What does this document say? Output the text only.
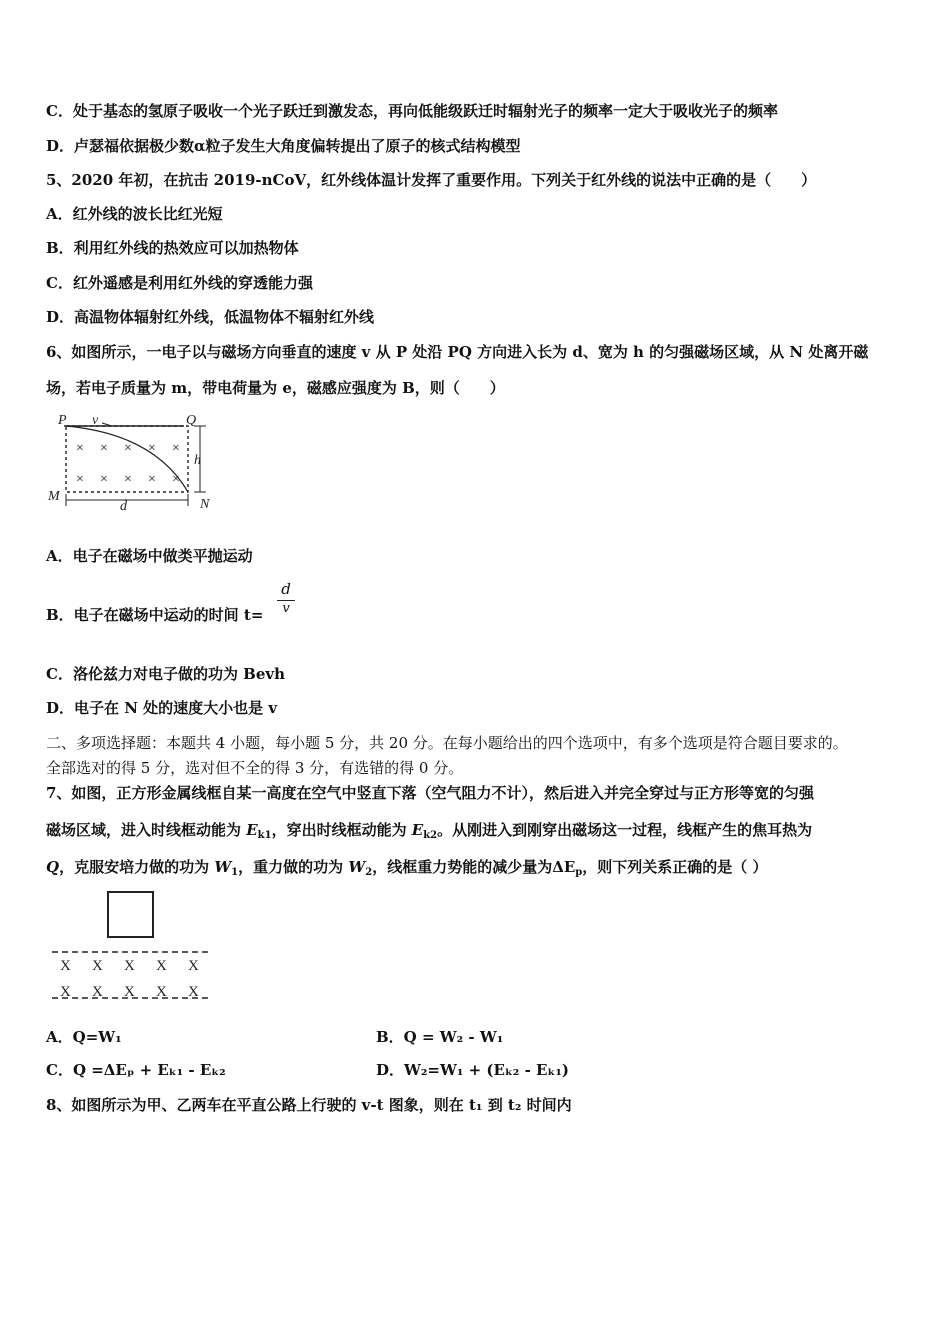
C．处于基态的氢原子吸收一个光子跃迁到激发态，再向低能级跃迁时辐射光子的频率一定大于吸收光子的频率
D．卢瑟福依据极少数α粒子发生大角度偏转提出了原子的核式结构模型
5、2020 年初，在抗击 2019-nCoV，红外线体温计发挥了重要作用。下列关于红外线的说法中正确的是（　　）
A．红外线的波长比红光短
B．利用红外线的热效应可以加热物体
C．红外遥感是利用红外线的穿透能力强
D．高温物体辐射红外线，低温物体不辐射红外线
6、如图所示，一电子以与磁场方向垂直的速度 v 从 P 处沿 PQ 方向进入长为 d、宽为 h 的匀强磁场区域，从 N 处离开磁
场，若电子质量为 m，带电荷量为 e，磁感应强度为 B，则（　　）
× × × × ×
× × × × ×
P v	Q
h
M
N
d
A．电子在磁场中做类平抛运动
B．电子在磁场中运动的时间 t=
d
v
C．洛伦兹力对电子做的功为 Bevh
D．电子在 N 处的速度大小也是 v
二、多项选择题：本题共 4 小题，每小题 5 分，共 20 分。在每小题给出的四个选项中，有多个选项是符合题目要求的。
全部选对的得 5 分，选对但不全的得 3 分，有选错的得 0 分。
7、如图，正方形金属线框自某一高度在空气中竖直下落（空气阻力不计），然后进入并完全穿过与正方形等宽的匀强
磁场区域，进入时线框动能为 $E_{k1}$，穿出时线框动能为 $E_{k2}$。从刚进入到刚穿出磁场这一过程，线框产生的焦耳热为
Q，克服安培力做的功为 $W_1$，重力做的功为 $W_2$，线框重力势能的减少量为$\Delta E_p$，则下列关系正确的是（ ）
X X X X X
X X X X X
A．Q=W₁	B．Q = W₂ - W₁
C．Q =ΔEₚ + Eₖ₁ - Eₖ₂	D．W₂=W₁ + (Eₖ₂ - Eₖ₁)
8、如图所示为甲、乙两车在平直公路上行驶的 v-t 图象，则在 t₁ 到 t₂ 时间内
